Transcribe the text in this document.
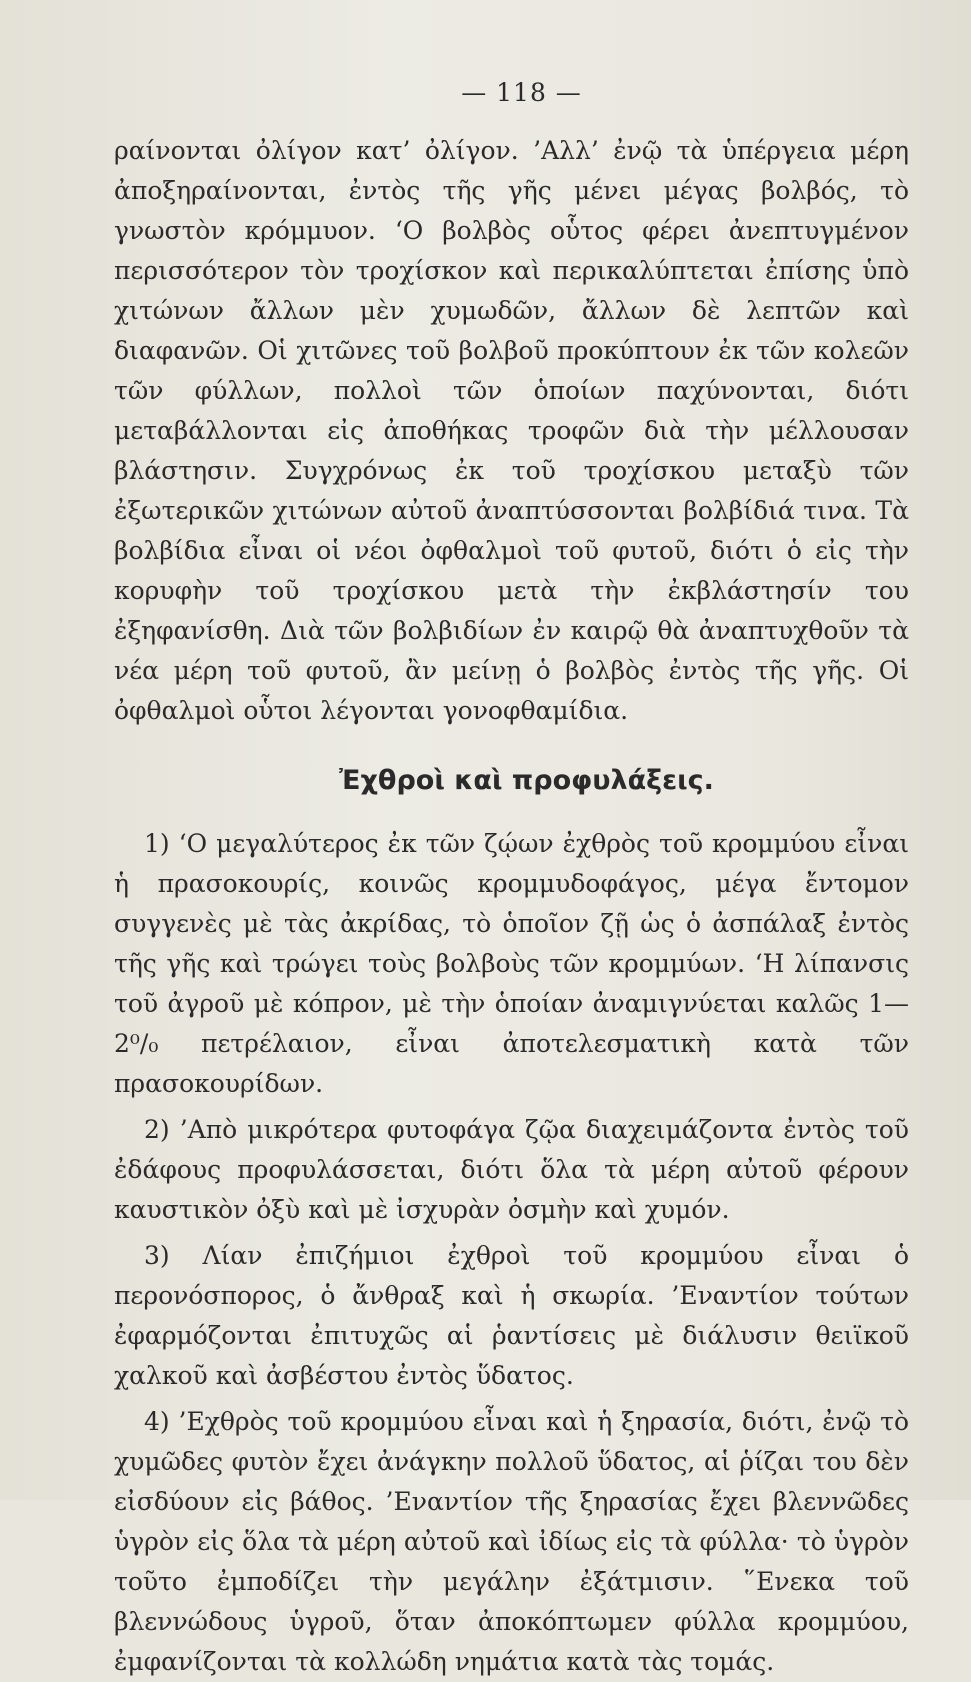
— 118 —

ραίνονται ὀλίγον κατ’ ὀλίγον. ’Αλλ’ ἐνῷ τὰ ὑπέργεια μέρη ἀποξηραίνονται, ἐντὸς τῆς γῆς μένει μέγας βολβός, τὸ γνωστὸν κρόμμυον. ‘Ο βολβὸς οὗτος φέρει ἀνεπτυγμένον περισσότερον τὸν τροχίσκον καὶ περικαλύπτεται ἐπίσης ὑπὸ χιτώνων ἄλλων μὲν χυμωδῶν, ἄλλων δὲ λεπτῶν καὶ διαφανῶν. Οἱ χιτῶνες τοῦ βολβοῦ προκύπτουν ἐκ τῶν κολεῶν τῶν φύλλων, πολλοὶ τῶν ὁποίων παχύνονται, διότι μεταβάλλονται εἰς ἀποθήκας τροφῶν διὰ τὴν μέλλουσαν βλάστησιν. Συγχρόνως ἐκ τοῦ τροχίσκου μεταξὺ τῶν ἐξωτερικῶν χιτώνων αὐτοῦ ἀναπτύσσονται βολβίδιά τινα. Τὰ βολβίδια εἶναι οἱ νέοι ὀφθαλμοὶ τοῦ φυτοῦ, διότι ὁ εἰς τὴν κορυφὴν τοῦ τροχίσκου μετὰ τὴν ἐκβλάστησίν του ἐξηφανίσθη. Διὰ τῶν βολβιδίων ἐν καιρῷ θὰ ἀναπτυχθοῦν τὰ νέα μέρη τοῦ φυτοῦ, ἂν μείνῃ ὁ βολβὸς ἐντὸς τῆς γῆς. Οἱ ὀφθαλμοὶ οὗτοι λέγονται γονοφθαμίδια.

Ἐχθροὶ καὶ προφυλάξεις.

1) ‘Ο μεγαλύτερος ἐκ τῶν ζῴων ἐχθρὸς τοῦ κρομμύου εἶναι ἡ πρασοκουρίς, κοινῶς κρομμυδοφάγος, μέγα ἔντομον συγγενὲς μὲ τὰς ἀκρίδας, τὸ ὁποῖον ζῇ ὡς ὁ ἀσπάλαξ ἐντὸς τῆς γῆς καὶ τρώγει τοὺς βολβοὺς τῶν κρομμύων. ‘Η λίπανσις τοῦ ἀγροῦ μὲ κόπρον, μὲ τὴν ὁποίαν ἀναμιγνύεται καλῶς 1—2⁰/₀ πετρέλαιον, εἶναι ἀποτελεσματικὴ κατὰ τῶν πρασοκουρίδων.

2) ’Απὸ μικρότερα φυτοφάγα ζῷα διαχειμάζοντα ἐντὸς τοῦ ἐδάφους προφυλάσσεται, διότι ὅλα τὰ μέρη αὐτοῦ φέρουν καυστικὸν ὀξὺ καὶ μὲ ἰσχυρὰν ὀσμὴν καὶ χυμόν.

3) Λίαν ἐπιζήμιοι ἐχθροὶ τοῦ κρομμύου εἶναι ὁ περονόσπορος, ὁ ἄνθραξ καὶ ἡ σκωρία. ’Εναντίον τούτων ἐφαρμόζονται ἐπιτυχῶς αἱ ῥαντίσεις μὲ διάλυσιν θειϊκοῦ χαλκοῦ καὶ ἀσβέστου ἐντὸς ὕδατος.

4) ’Εχθρὸς τοῦ κρομμύου εἶναι καὶ ἡ ξηρασία, διότι, ἐνῷ τὸ χυμῶδες φυτὸν ἔχει ἀνάγκην πολλοῦ ὕδατος, αἱ ῥίζαι του δὲν εἰσδύουν εἰς βάθος. ’Εναντίον τῆς ξηρασίας ἔχει βλεννῶδες ὑγρὸν εἰς ὅλα τὰ μέρη αὐτοῦ καὶ ἰδίως εἰς τὰ φύλλα· τὸ ὑγρὸν τοῦτο ἐμποδίζει τὴν μεγάλην ἐξάτμισιν. ῞Ενεκα τοῦ βλεννώδους ὑγροῦ, ὅταν ἀποκόπτωμεν φύλλα κρομμύου, ἐμφανίζονται τὰ κολλώδη νημάτια κατὰ τὰς τομάς.
